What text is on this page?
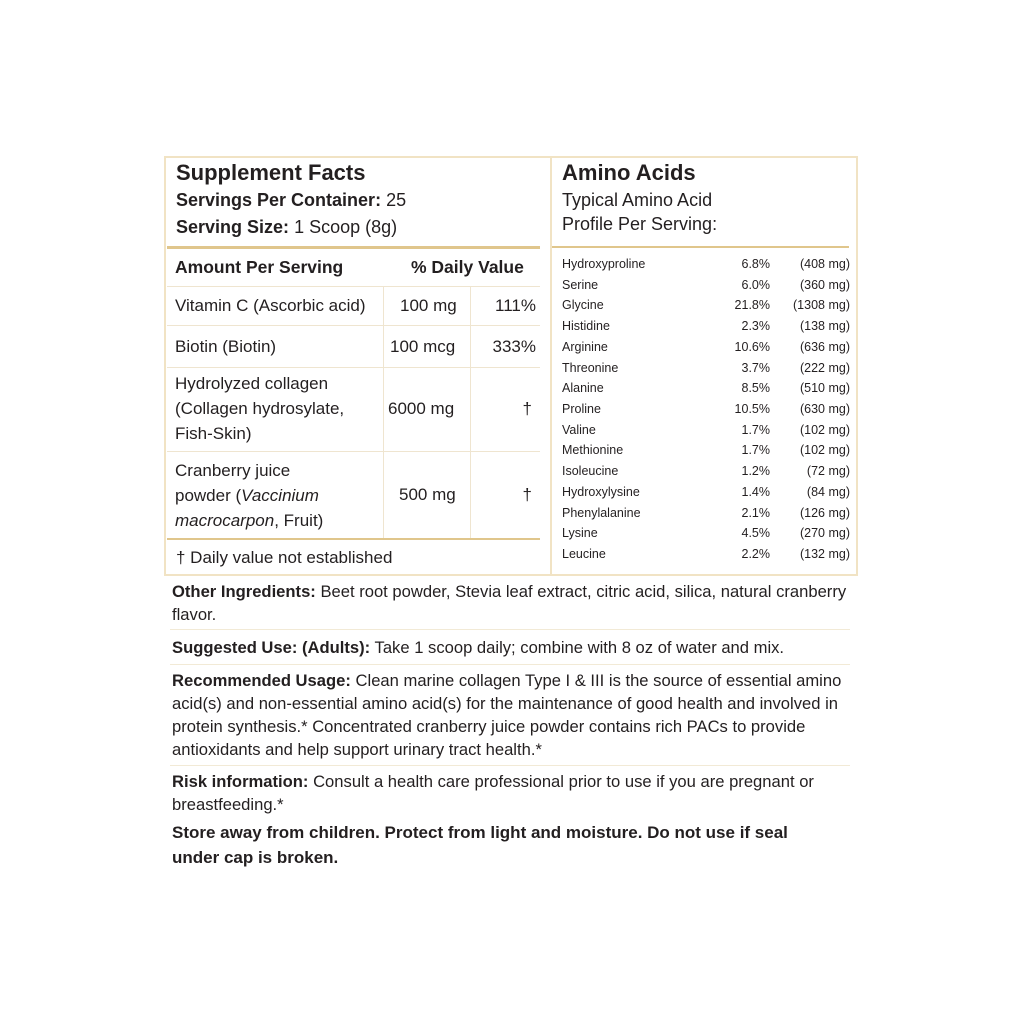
Supplement Facts
Servings Per Container: 25
Serving Size: 1 Scoop (8g)
Amount Per Serving	% Daily Value
Vitamin C (Ascorbic acid) 100 mg 111%
Biotin (Biotin)	100 mcg 333%
Hydrolyzed collagen
(Collagen hydrosylate,
Fish-Skin)
6000 mg	†
Cranberry juice
powder (Vaccinium
macrocarpon, Fruit)
500 mg	†
† Daily value not established
Amino Acids
Typical Amino Acid
Profile Per Serving:
Hydroxyproline	6.8% (408 mg)
Serine	6.0% (360 mg)
Glycine	21.8% (1308 mg)
Histidine	2.3% (138 mg)
Arginine	10.6% (636 mg)
Threonine	3.7% (222 mg)
Alanine	8.5% (510 mg)
Proline	10.5% (630 mg)
Valine	1.7% (102 mg)
Methionine	1.7% (102 mg)
Isoleucine	1.2%	(72 mg)
Hydroxylysine	1.4%	(84 mg)
Phenylalanine	2.1% (126 mg)
Lysine	4.5% (270 mg)
Leucine	2.2% (132 mg)
Other Ingredients: Beet root powder, Stevia leaf extract, citric acid, silica, natural cranberry flavor.
Suggested Use: (Adults): Take 1 scoop daily; combine with 8 oz of water and mix.
Recommended Usage: Clean marine collagen Type I & III is the source of essential amino acid(s) and non-essential amino acid(s) for the maintenance of good health and involved in protein synthesis.* Concentrated cranberry juice powder contains rich PACs to provide antioxidants and help support urinary tract health.*
Risk information: Consult a health care professional prior to use if you are pregnant or breastfeeding.*
Store away from children. Protect from light and moisture. Do not use if seal under cap is broken.
